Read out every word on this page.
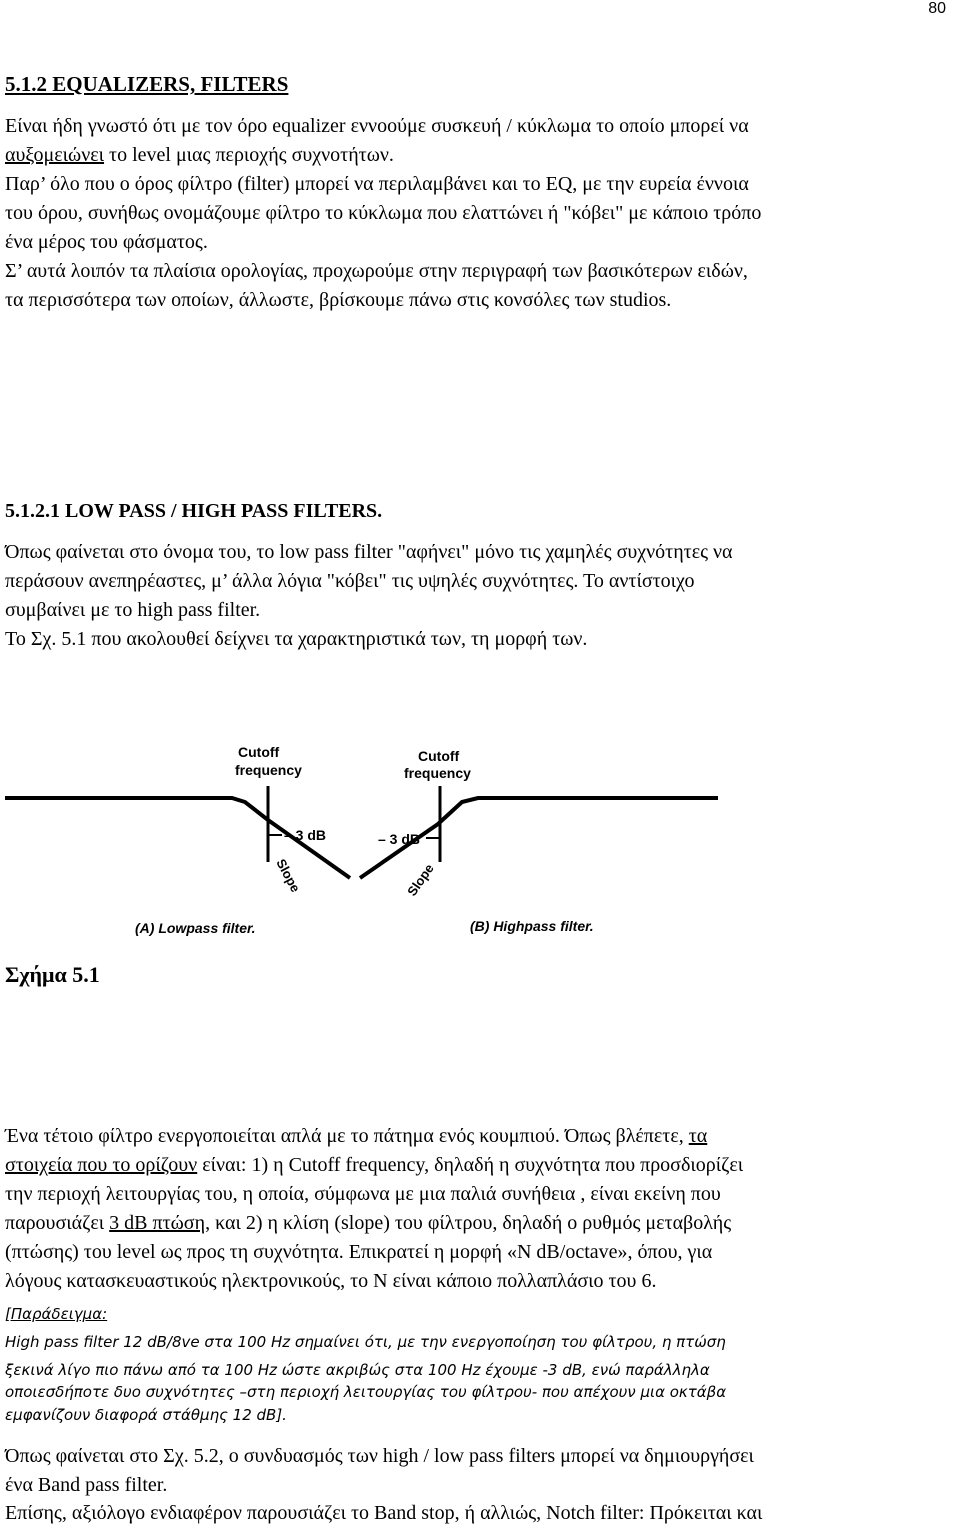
80
5.1.2 EQUALIZERS, FILTERS
Είναι ήδη γνωστό ότι με τον όρο equalizer εννοούμε συσκευή / κύκλωμα το οποίο μπορεί να
αυξομειώνει το level μιας περιοχής συχνοτήτων.
Παρ’ όλο που ο όρος φίλτρο (filter) μπορεί να περιλαμβάνει και το EQ, με την ευρεία έννοια
του όρου, συνήθως ονομάζουμε φίλτρο το κύκλωμα που ελαττώνει ή "κόβει" με κάποιο τρόπο
ένα μέρος του φάσματος.
Σ’ αυτά λοιπόν τα πλαίσια ορολογίας, προχωρούμε στην περιγραφή των βασικότερων ειδών,
τα περισσότερα των οποίων, άλλωστε, βρίσκουμε πάνω στις κονσόλες των studios.
5.1.2.1 LOW PASS / HIGH PASS FILTERS.
Όπως φαίνεται στο όνομα του, το low pass filter "αφήνει" μόνο τις χαμηλές συχνότητες να
περάσουν ανεπηρέαστες, μ’ άλλα λόγια "κόβει" τις υψηλές συχνότητες. Το αντίστοιχο
συμβαίνει με το high pass filter.
Το Σχ. 5.1 που ακολουθεί δείχνει τα χαρακτηριστικά των, τη μορφή των.
Cutoff
frequency
– 3 dB
Slope
(A) Lowpass filter.
Cutoff
frequency
– 3 dB
Slope
(B) Highpass filter.
Σχήμα 5.1
Ένα τέτοιο φίλτρο ενεργοποιείται απλά με το πάτημα ενός κουμπιού. Όπως βλέπετε, τα
στοιχεία που το ορίζουν είναι: 1) η Cutoff frequency, δηλαδή η συχνότητα που προσδιορίζει
την περιοχή λειτουργίας του, η οποία, σύμφωνα με μια παλιά συνήθεια , είναι εκείνη που
παρουσιάζει 3 dB πτώση, και 2) η κλίση (slope) του φίλτρου, δηλαδή ο ρυθμός μεταβολής
(πτώσης) του level ως προς τη συχνότητα. Επικρατεί η μορφή «N dB/octave», όπου, για
λόγους κατασκευαστικούς ηλεκτρονικούς, το Ν είναι κάποιο πολλαπλάσιο του 6.
[Παράδειγμα:
High pass filter 12 dB/8ve στα 100 Hz σημαίνει ότι, με την ενεργοποίηση του φίλτρου, η πτώση
ξεκινά λίγο πιο πάνω από τα 100 Hz ώστε ακριβώς στα 100 Hz έχουμε -3 dB, ενώ παράλληλα
οποιεσδήποτε δυο συχνότητες –στη περιοχή λειτουργίας του φίλτρου- που απέχουν μια οκτάβα
εμφανίζουν διαφορά στάθμης 12 dB].
Όπως φαίνεται στο Σχ. 5.2, ο συνδυασμός των high / low pass filters μπορεί να δημιουργήσει
ένα Band pass filter.
Επίσης, αξιόλογο ενδιαφέρον παρουσιάζει το Band stop, ή αλλιώς, Notch filter: Πρόκειται και
